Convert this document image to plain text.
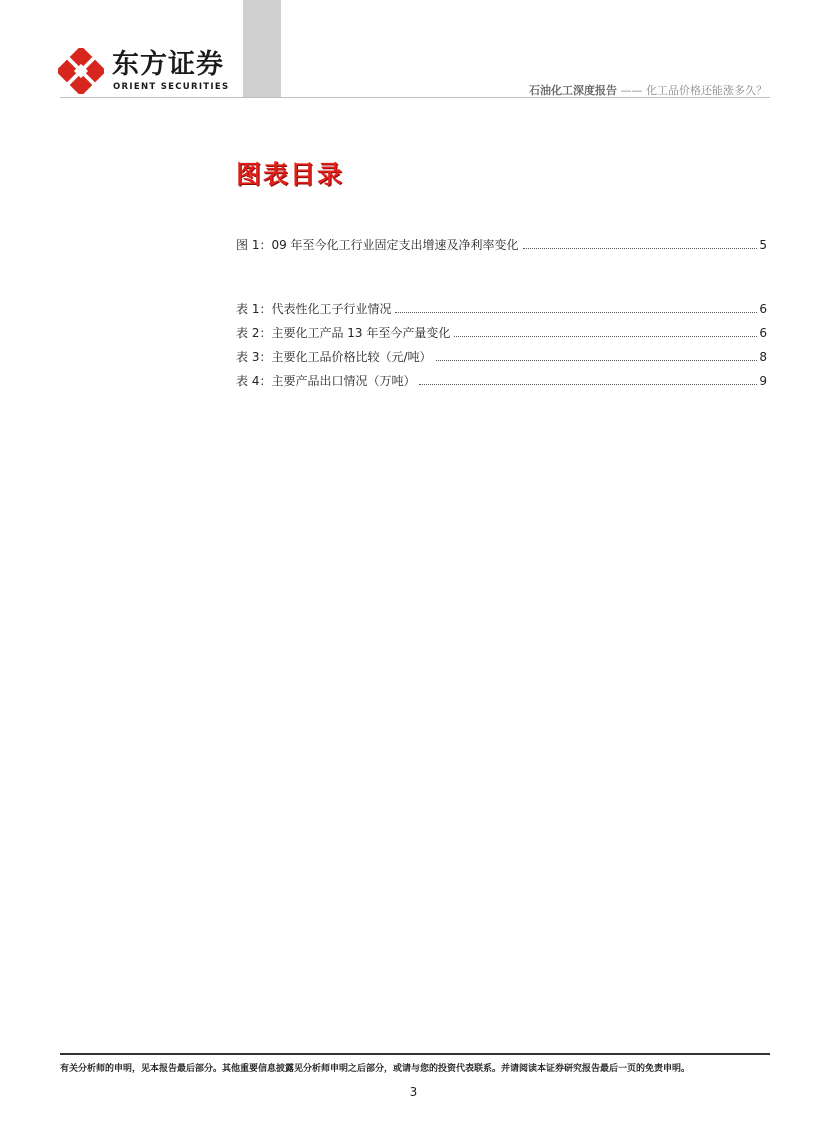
东方证券
ORIENT SECURITIES	石油化工深度报告 —— 化工品价格还能涨多久？
图表目录
图 1：09 年至今化工行业固定支出增速及净利率变化	5
表 1：代表性化工子行业情况	6
表 2：主要化工产品 13 年至今产量变化	6
表 3：主要化工品价格比较（元/吨）	8
表 4：主要产品出口情况（万吨）	9
有关分析师的申明，见本报告最后部分。其他重要信息披露见分析师申明之后部分，或请与您的投资代表联系。并请阅读本证券研究报告最后一页的免责申明。
3
